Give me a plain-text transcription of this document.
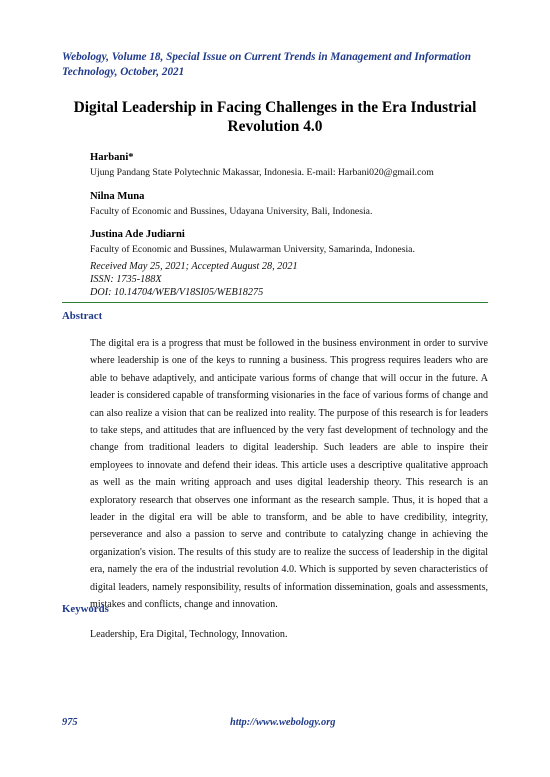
Webology, Volume 18, Special Issue on Current Trends in Management and Information Technology, October, 2021
Digital Leadership in Facing Challenges in the Era Industrial Revolution 4.0
Harbani*
Ujung Pandang State Polytechnic Makassar, Indonesia. E-mail: Harbani020@gmail.com
Nilna Muna
Faculty of Economic and Bussines, Udayana University, Bali, Indonesia.
Justina Ade Judiarni
Faculty of Economic and Bussines, Mulawarman University, Samarinda, Indonesia.
Received May 25, 2021; Accepted August 28, 2021
ISSN: 1735-188X
DOI: 10.14704/WEB/V18SI05/WEB18275
Abstract
The digital era is a progress that must be followed in the business environment in order to survive where leadership is one of the keys to running a business. This progress requires leaders who are able to behave adaptively, and anticipate various forms of change that will occur in the future. A leader is considered capable of transforming visionaries in the face of various forms of change and can also realize a vision that can be realized into reality. The purpose of this research is for leaders to take steps, and attitudes that are influenced by the very fast development of technology and the change from traditional leaders to digital leadership. Such leaders are able to inspire their employees to innovate and defend their ideas. This article uses a descriptive qualitative approach as well as the main writing approach and uses digital leadership theory. This research is an exploratory research that observes one informant as the research sample. Thus, it is hoped that a leader in the digital era will be able to transform, and be able to have credibility, integrity, perseverance and also a passion to serve and contribute to catalyzing change in achieving the organization's vision. The results of this study are to realize the success of leadership in the digital era, namely the era of the industrial revolution 4.0. Which is supported by seven characteristics of digital leaders, namely responsibility, results of information dissemination, goals and assessments, mistakes and conflicts, change and innovation.
Keywords
Leadership, Era Digital, Technology, Innovation.
975	http://www.webology.org
